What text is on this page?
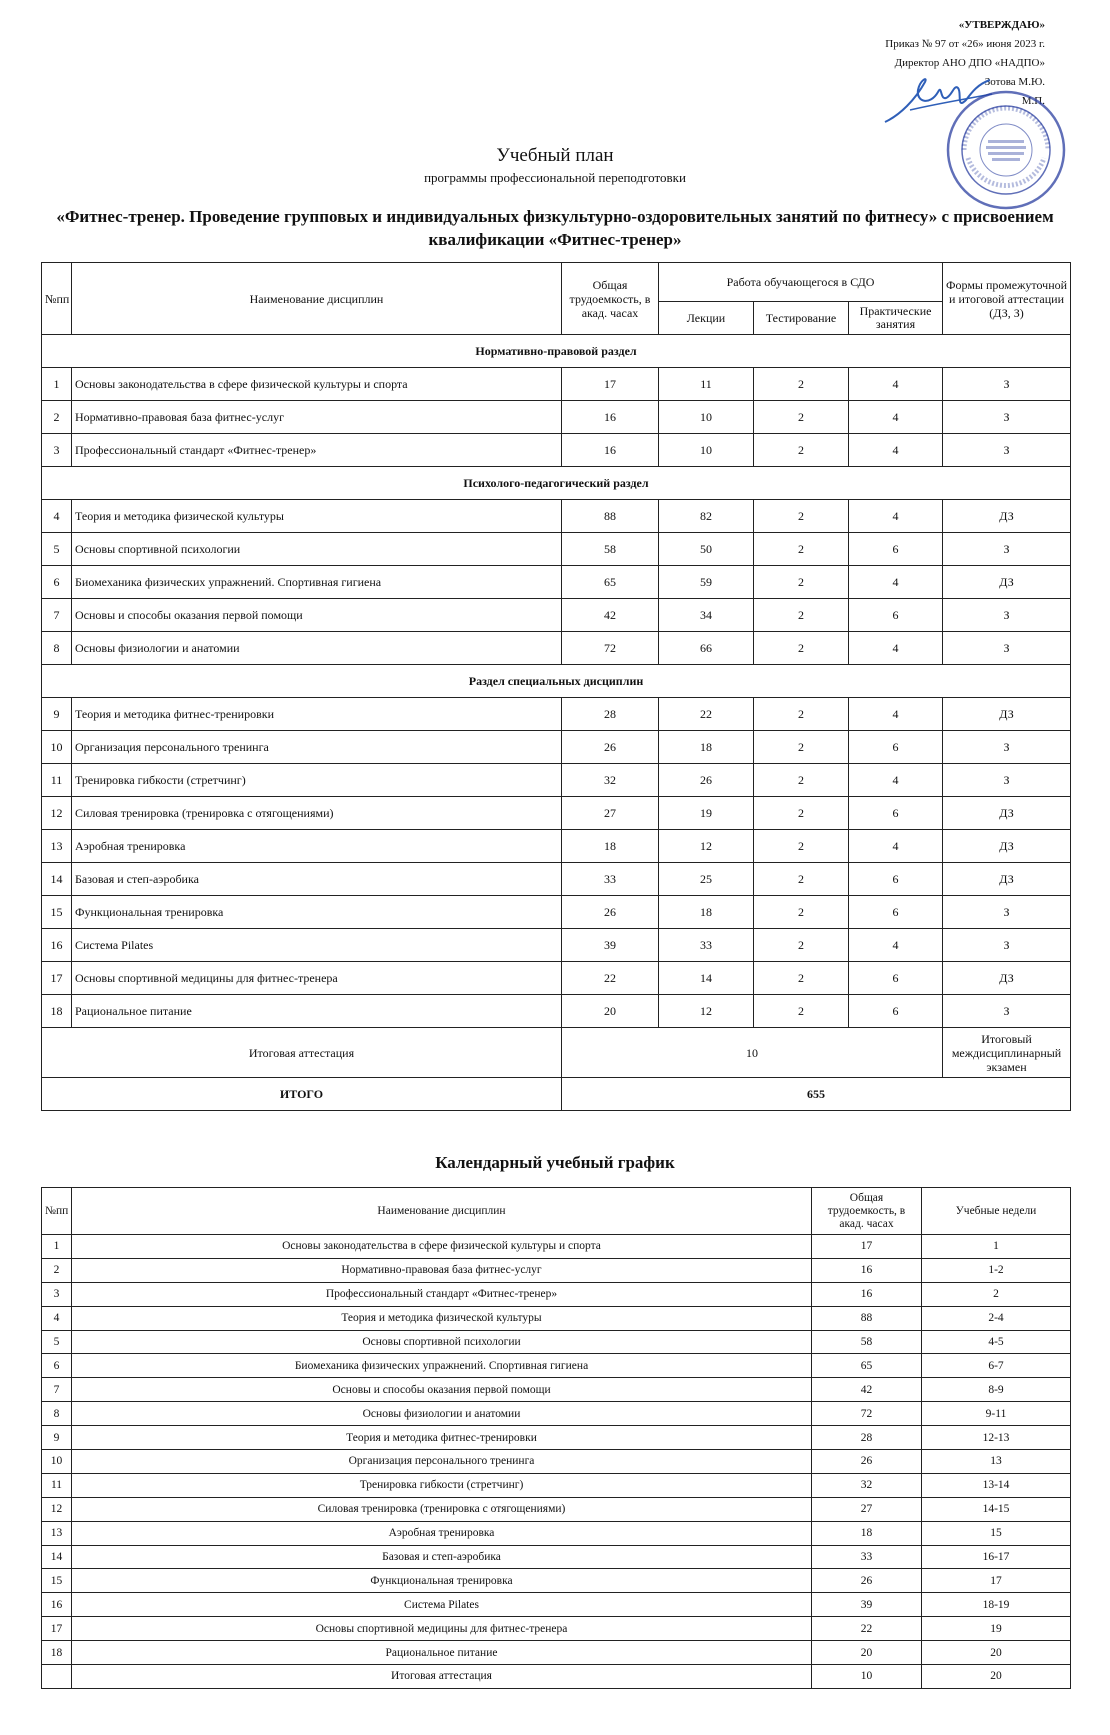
«УТВЕРЖДАЮ»
Приказ № 97 от «26» июня 2023 г.
Директор АНО ДПО «НАДПО»
Зотова М.Ю.
М.П.
Учебный план
программы профессиональной переподготовки
«Фитнес-тренер. Проведение групповых и индивидуальных физкультурно-оздоровительных занятий по фитнесу» с присвоением квалификации «Фитнес-тренер»
№пп	Наименование дисциплин	Общая трудоемкость, в акад. часах	Работа обучающегося в СДО			Формы промежуточной и итоговой аттестации (ДЗ, З)
			Лекции	Тестирование	Практические занятия	
Нормативно-правовой раздел						
1	Основы законодательства в сфере физической культуры и спорта	17	11	2	4	З
2	Нормативно-правовая база фитнес-услуг	16	10	2	4	З
3	Профессиональный стандарт «Фитнес-тренер»	16	10	2	4	З
Психолого-педагогический раздел						
4	Теория и методика физической культуры	88	82	2	4	ДЗ
5	Основы спортивной психологии	58	50	2	6	З
6	Биомеханика физических упражнений. Спортивная гигиена	65	59	2	4	ДЗ
7	Основы и способы оказания первой помощи	42	34	2	6	З
8	Основы физиологии и анатомии	72	66	2	4	З
Раздел специальных дисциплин						
9	Теория и методика фитнес-тренировки	28	22	2	4	ДЗ
10	Организация персонального тренинга	26	18	2	6	З
11	Тренировка гибкости (стретчинг)	32	26	2	4	З
12	Силовая тренировка (тренировка с отягощениями)	27	19	2	6	ДЗ
13	Аэробная тренировка	18	12	2	4	ДЗ
14	Базовая и степ-аэробика	33	25	2	6	ДЗ
15	Функциональная тренировка	26	18	2	6	З
16	Система Pilates	39	33	2	4	З
17	Основы спортивной медицины для фитнес-тренера	22	14	2	6	ДЗ
18	Рациональное питание	20	12	2	6	З
Итоговая аттестация		10				Итоговый междисциплинарный экзамен
ИТОГО		655				
Календарный учебный график
№пп	Наименование дисциплин	Общая трудоемкость, в акад. часах	Учебные недели
1	Основы законодательства в сфере физической культуры и спорта	17	1
2	Нормативно-правовая база фитнес-услуг	16	1-2
3	Профессиональный стандарт «Фитнес-тренер»	16	2
4	Теория и методика физической культуры	88	2-4
5	Основы спортивной психологии	58	4-5
6	Биомеханика физических упражнений. Спортивная гигиена	65	6-7
7	Основы и способы оказания первой помощи	42	8-9
8	Основы физиологии и анатомии	72	9-11
9	Теория и методика фитнес-тренировки	28	12-13
10	Организация персонального тренинга	26	13
11	Тренировка гибкости (стретчинг)	32	13-14
12	Силовая тренировка (тренировка с отягощениями)	27	14-15
13	Аэробная тренировка	18	15
14	Базовая и степ-аэробика	33	16-17
15	Функциональная тренировка	26	17
16	Система Pilates	39	18-19
17	Основы спортивной медицины для фитнес-тренера	22	19
18	Рациональное питание	20	20
	Итоговая аттестация	10	20
